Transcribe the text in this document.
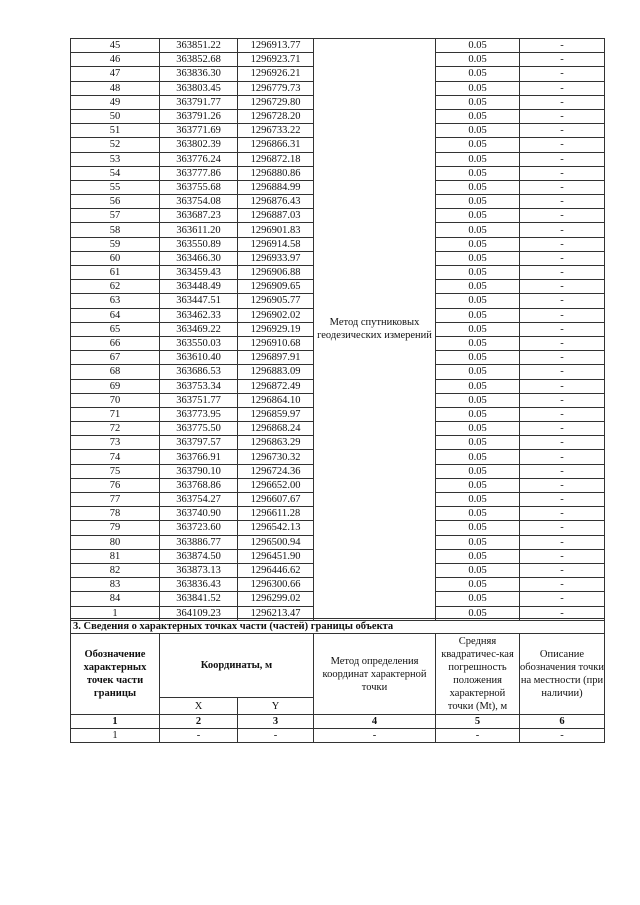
45	363851.22	1296913.77	Метод спутниковых геодезических измерений	0.05	-
46	363852.68	1296923.71		0.05	-
47	363836.30	1296926.21		0.05	-
48	363803.45	1296779.73		0.05	-
49	363791.77	1296729.80		0.05	-
50	363791.26	1296728.20		0.05	-
51	363771.69	1296733.22		0.05	-
52	363802.39	1296866.31		0.05	-
53	363776.24	1296872.18		0.05	-
54	363777.86	1296880.86		0.05	-
55	363755.68	1296884.99		0.05	-
56	363754.08	1296876.43		0.05	-
57	363687.23	1296887.03		0.05	-
58	363611.20	1296901.83		0.05	-
59	363550.89	1296914.58		0.05	-
60	363466.30	1296933.97		0.05	-
61	363459.43	1296906.88		0.05	-
62	363448.49	1296909.65		0.05	-
63	363447.51	1296905.77		0.05	-
64	363462.33	1296902.02		0.05	-
65	363469.22	1296929.19		0.05	-
66	363550.03	1296910.68		0.05	-
67	363610.40	1296897.91		0.05	-
68	363686.53	1296883.09		0.05	-
69	363753.34	1296872.49		0.05	-
70	363751.77	1296864.10		0.05	-
71	363773.95	1296859.97		0.05	-
72	363775.50	1296868.24		0.05	-
73	363797.57	1296863.29		0.05	-
74	363766.91	1296730.32		0.05	-
75	363790.10	1296724.36		0.05	-
76	363768.86	1296652.00		0.05	-
77	363754.27	1296607.67		0.05	-
78	363740.90	1296611.28		0.05	-
79	363723.60	1296542.13		0.05	-
80	363886.77	1296500.94		0.05	-
81	363874.50	1296451.90		0.05	-
82	363873.13	1296446.62		0.05	-
83	363836.43	1296300.66		0.05	-
84	363841.52	1296299.02		0.05	-
1	364109.23	1296213.47		0.05	-
3. Сведения о характерных точках части (частей) границы объекта					
Обозначение характерных точек части границы	Координаты, м		Метод определения координат характерной точки	Средняя квадратичес-кая погрешность положения характерной точки (Mt), м	Описание обозначения точки на местности (при наличии)
	X	Y			
1	2	3	4	5	6
1	-	-	-	-	-
